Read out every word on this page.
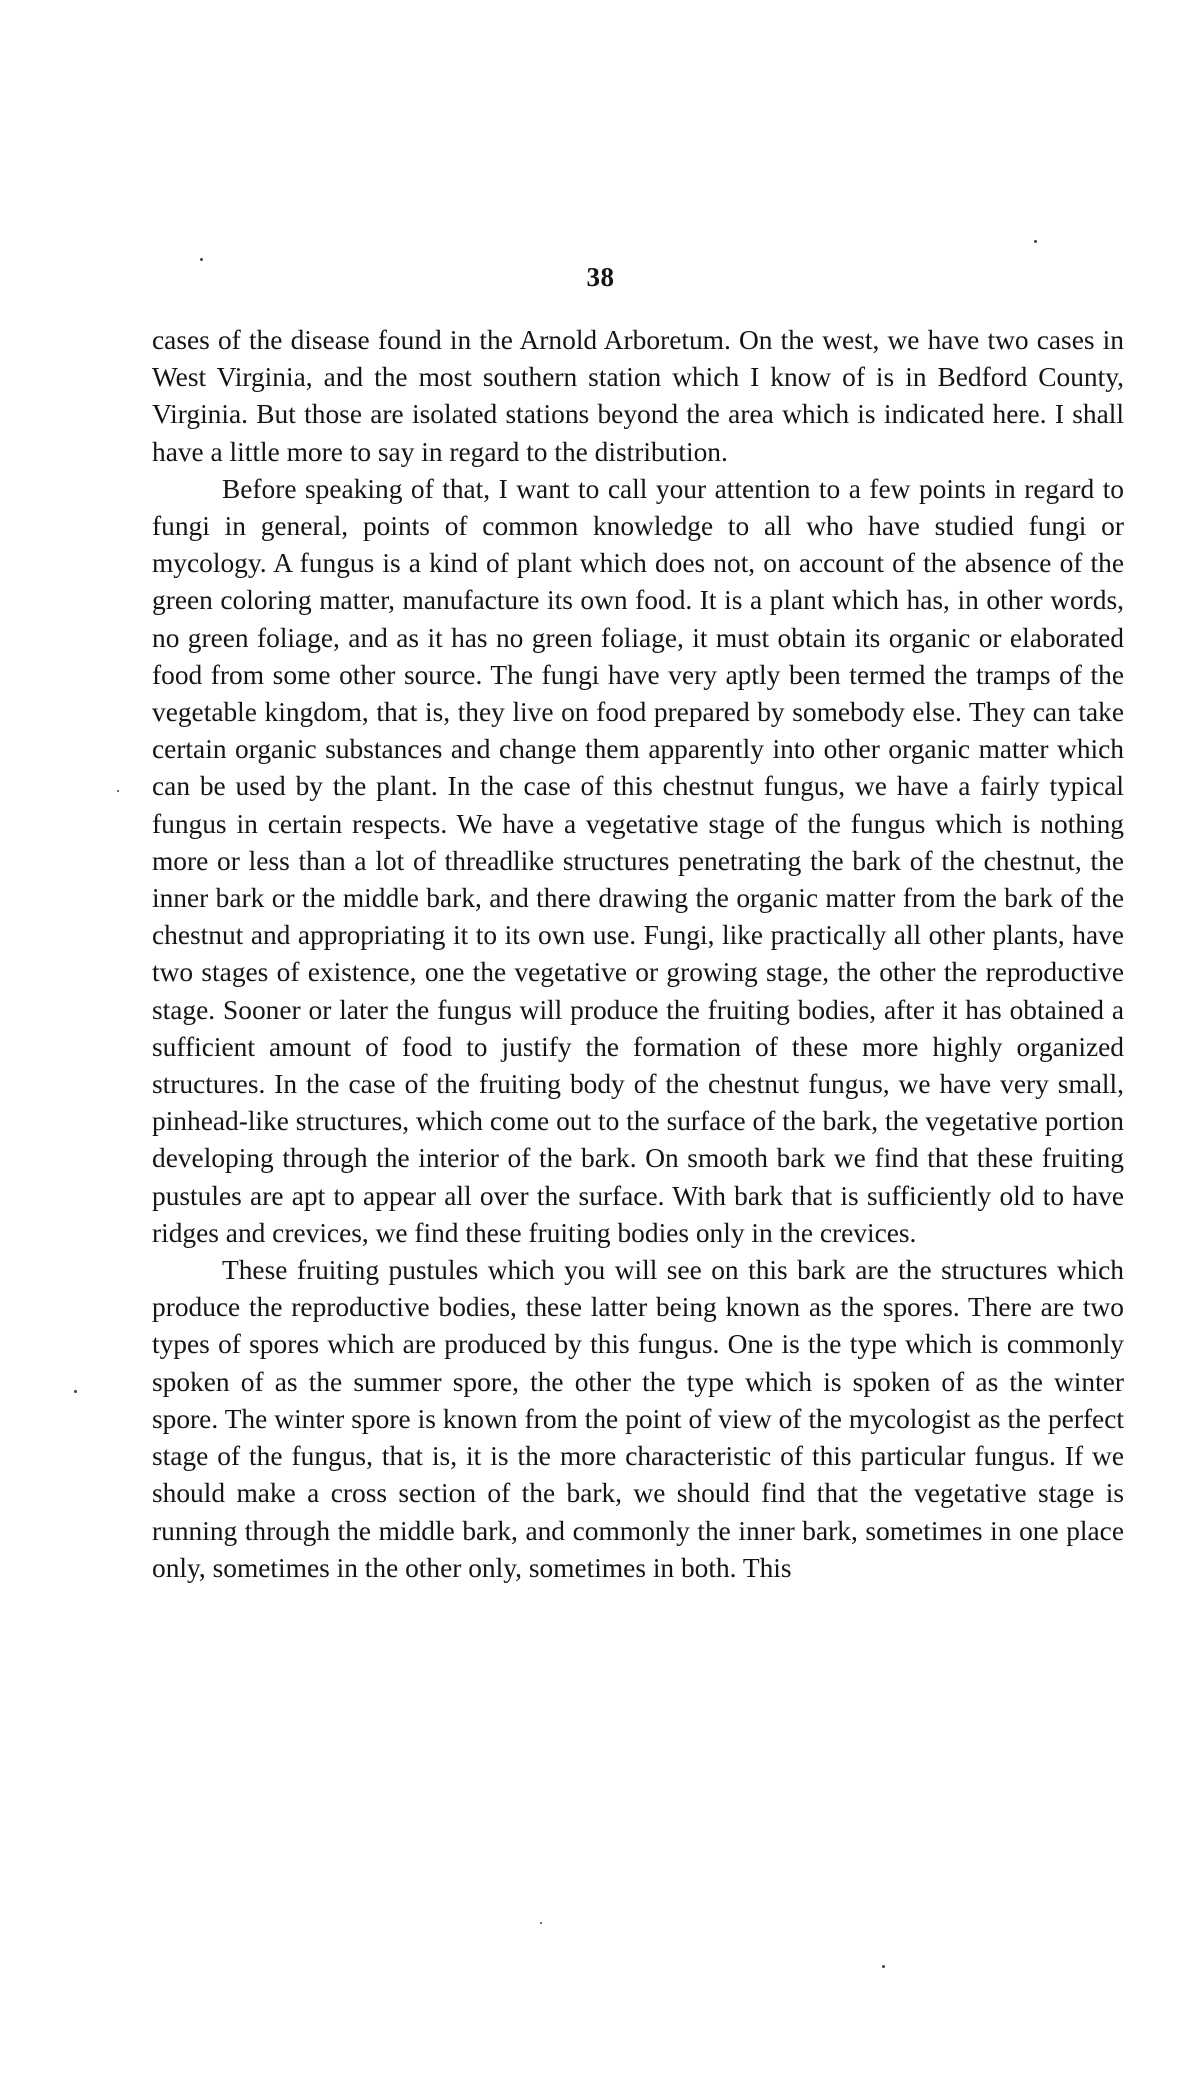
38

cases of the disease found in the Arnold Arboretum. On the west, we have two cases in West Virginia, and the most southern station which I know of is in Bedford County, Virginia. But those are isolated stations beyond the area which is indicated here. I shall have a little more to say in regard to the distribution.

Before speaking of that, I want to call your attention to a few points in regard to fungi in general, points of common knowledge to all who have studied fungi or mycology. A fungus is a kind of plant which does not, on account of the absence of the green coloring matter, manufacture its own food. It is a plant which has, in other words, no green foliage, and as it has no green foliage, it must obtain its organic or elaborated food from some other source. The fungi have very aptly been termed the tramps of the vegetable kingdom, that is, they live on food prepared by somebody else. They can take certain organic substances and change them apparently into other organic matter which can be used by the plant. In the case of this chestnut fungus, we have a fairly typical fungus in certain respects. We have a vegetative stage of the fungus which is nothing more or less than a lot of threadlike structures penetrating the bark of the chestnut, the inner bark or the middle bark, and there drawing the organic matter from the bark of the chestnut and appropriating it to its own use. Fungi, like practically all other plants, have two stages of existence, one the vegetative or growing stage, the other the reproductive stage. Sooner or later the fungus will produce the fruiting bodies, after it has obtained a sufficient amount of food to justify the formation of these more highly organized structures. In the case of the fruiting body of the chestnut fungus, we have very small, pinhead-like structures, which come out to the surface of the bark, the vegetative portion developing through the interior of the bark. On smooth bark we find that these fruiting pustules are apt to appear all over the surface. With bark that is sufficiently old to have ridges and crevices, we find these fruiting bodies only in the crevices.

These fruiting pustules which you will see on this bark are the structures which produce the reproductive bodies, these latter being known as the spores. There are two types of spores which are produced by this fungus. One is the type which is commonly spoken of as the summer spore, the other the type which is spoken of as the winter spore. The winter spore is known from the point of view of the mycologist as the perfect stage of the fungus, that is, it is the more characteristic of this particular fungus. If we should make a cross section of the bark, we should find that the vegetative stage is running through the middle bark, and commonly the inner bark, sometimes in one place only, sometimes in the other only, sometimes in both. This
